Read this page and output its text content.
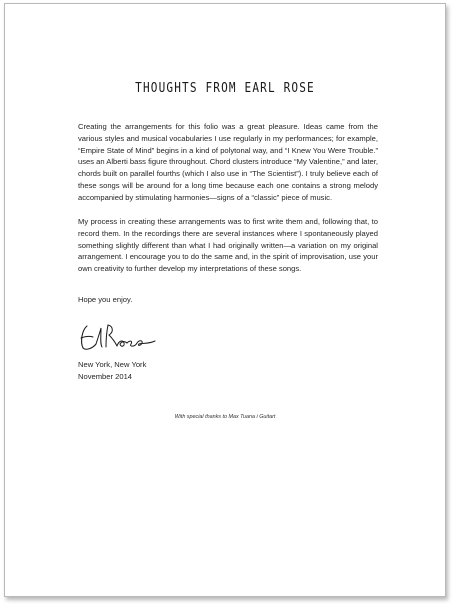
THOUGHTS FROM EARL ROSE

Creating the arrangements for this folio was a great pleasure. Ideas came from the various styles and musical vocabularies I use regularly in my performances; for example, “Empire State of Mind” begins in a kind of polytonal way, and “I Knew You Were Trouble.” uses an Alberti bass figure throughout. Chord clusters introduce “My Valentine,” and later, chords built on parallel fourths (which I also use in “The Scientist”). I truly believe each of these songs will be around for a long time because each one contains a strong melody accompanied by stimulating harmonies—signs of a “classic” piece of music.

My process in creating these arrangements was to first write them and, following that, to record them. In the recordings there are several instances where I spontaneously played something slightly different than what I had originally written—a variation on my original arrangement. I encourage you to do the same and, in the spirit of improvisation, use your own creativity to further develop my interpretations of these songs.

Hope you enjoy.

New York, New York
November 2014
With special thanks to Max Tuana i Guitart
